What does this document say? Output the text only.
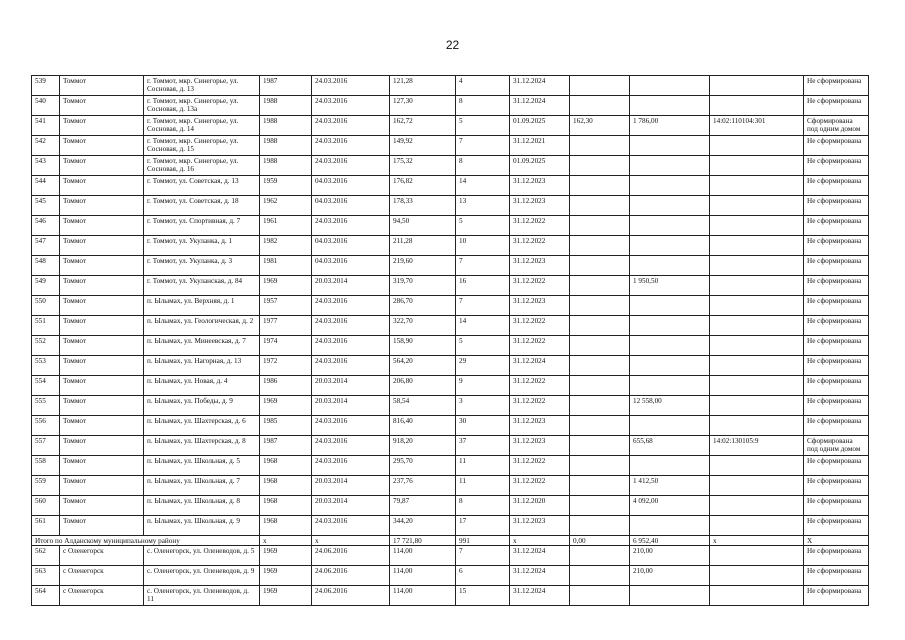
22
539	Томмот	г. Томмот, мкр. Синегорье, ул. Сосновая, д. 13	1987	24.03.2016	121,28	4	31.12.2024				Не сформирована
540	Томмот	г. Томмот, мкр. Синегорье, ул. Сосновая, д. 13а	1988	24.03.2016	127,30	8	31.12.2024				Не сформирована
541	Томмот	г. Томмот, мкр. Синегорье, ул. Сосновая, д. 14	1988	24.03.2016	162,72	5	01.09.2025	162,30	1 786,00	14:02:110104:301	Сформирована под одним домом
542	Томмот	г. Томмот, мкр. Синегорье, ул. Сосновая, д. 15	1988	24.03.2016	149,92	7	31.12.2021				Не сформирована
543	Томмот	г. Томмот, мкр. Синегорье, ул. Сосновая, д. 16	1988	24.03.2016	175,32	8	01.09.2025				Не сформирована
544	Томмот	г. Томмот, ул. Советская, д. 13	1959	04.03.2016	176,82	14	31.12.2023				Не сформирована
545	Томмот	г. Томмот, ул. Советская, д. 18	1962	04.03.2016	178,33	13	31.12.2023				Не сформирована
546	Томмот	г. Томмот, ул. Спортивная, д. 7	1961	24.03.2016	94,50	5	31.12.2022				Не сформирована
547	Томмот	г. Томмот, ул. Укуланка, д. 1	1982	04.03.2016	211,28	10	31.12.2022				Не сформирована
548	Томмот	г. Томмот, ул. Укуланка, д. 3	1981	04.03.2016	219,60	7	31.12.2023				Не сформирована
549	Томмот	г. Томмот, ул. Укуланская, д. 84	1969	20.03.2014	319,70	16	31.12.2022		1 950,50		Не сформирована
550	Томмот	п. Ылымах, ул. Верхняя, д. 1	1957	24.03.2016	286,70	7	31.12.2023				Не сформирована
551	Томмот	п. Ылымах, ул. Геологическая, д. 2	1977	24.03.2016	322,70	14	31.12.2022				Не сформирована
552	Томмот	п. Ылымах, ул. Минеевская, д. 7	1974	24.03.2016	158,90	5	31.12.2022				Не сформирована
553	Томмот	п. Ылымах, ул. Нагорная, д. 13	1972	24.03.2016	564,20	29	31.12.2024				Не сформирована
554	Томмот	п. Ылымах, ул. Новая, д. 4	1986	20.03.2014	206,80	9	31.12.2022				Не сформирована
555	Томмот	п. Ылымах, ул. Победы, д. 9	1969	20.03.2014	58,54	3	31.12.2022		12 558,00		Не сформирована
556	Томмот	п. Ылымах, ул. Шахтерская, д. 6	1985	24.03.2016	816,40	30	31.12.2023				Не сформирована
557	Томмот	п. Ылымах, ул. Шахтерская, д. 8	1987	24.03.2016	918,20	37	31.12.2023		655,68	14:02:130105:9	Сформирована под одним домом
558	Томмот	п. Ылымах, ул. Школьная, д. 5	1968	24.03.2016	295,70	11	31.12.2022				Не сформирована
559	Томмот	п. Ылымах, ул. Школьная, д. 7	1968	20.03.2014	237,76	11	31.12.2022		1 412,50		Не сформирована
560	Томмот	п. Ылымах, ул. Школьная, д. 8	1968	20.03.2014	79,87	8	31.12.2020		4 092,00		Не сформирована
561	Томмот	п. Ылымах, ул. Школьная, д. 9	1968	24.03.2016	344,20	17	31.12.2023				Не сформирована
Итого по Алданскому муниципальному району			х	х	17 721,80	991	х	0,00	6 952,40	х	Х
562	с Оленегорск	с. Оленегорск, ул. Оленеводов, д. 5	1969	24.06.2016	114,00	7	31.12.2024		210,00		Не сформирована
563	с Оленегорск	с. Оленегорск, ул. Оленеводов, д. 9	1969	24.06.2016	114,00	6	31.12.2024		210,00		Не сформирована
564	с Оленегорск	с. Оленегорск, ул. Оленеводов, д. 11	1969	24.06.2016	114,00	15	31.12.2024				Не сформирована
